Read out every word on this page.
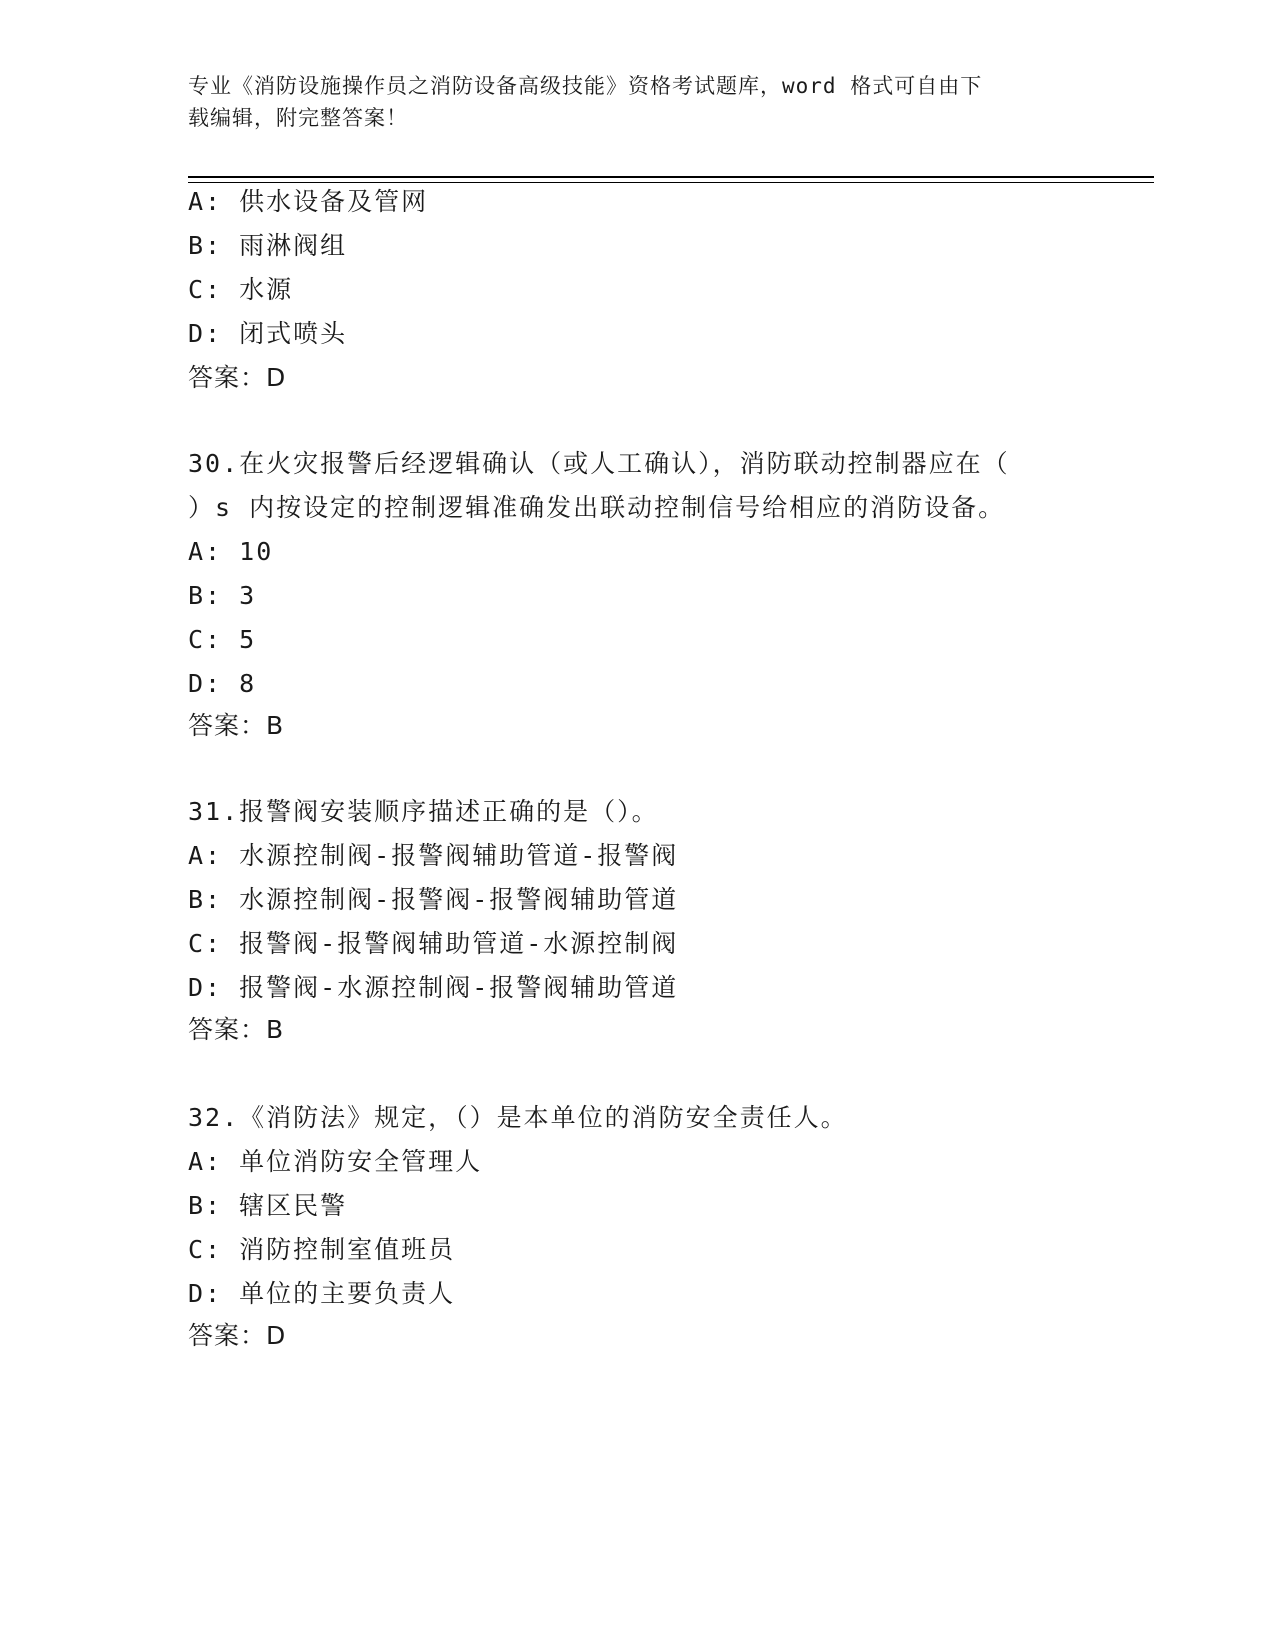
专业《消防设施操作员之消防设备高级技能》资格考试题库，word 格式可自由下
载编辑，附完整答案！
A: 供水设备及管网
B: 雨淋阀组
C: 水源
D: 闭式喷头
答案：D
30.在火灾报警后经逻辑确认（或人工确认），消防联动控制器应在（
）s 内按设定的控制逻辑准确发出联动控制信号给相应的消防设备。
A: 10
B: 3
C: 5
D: 8
答案：B
31.报警阀安装顺序描述正确的是（）。
A: 水源控制阀-报警阀辅助管道-报警阀
B: 水源控制阀-报警阀-报警阀辅助管道
C: 报警阀-报警阀辅助管道-水源控制阀
D: 报警阀-水源控制阀-报警阀辅助管道
答案：B
32.《消防法》规定，（）是本单位的消防安全责任人。
A: 单位消防安全管理人
B: 辖区民警
C: 消防控制室值班员
D: 单位的主要负责人
答案：D
